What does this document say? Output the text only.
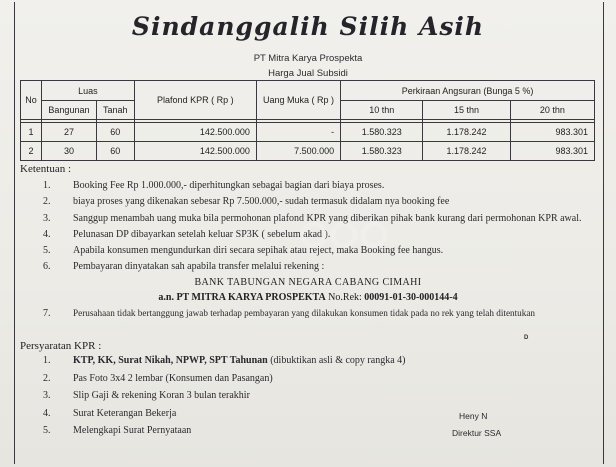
Sindanggalih Silih Asih
PT Mitra Karya Prospekta
Harga Jual Subsidi
No	Luas		Plafond KPR ( Rp )	Uang Muka ( Rp )	Perkiraan Angsuran (Bunga 5 %)		
	Bangunan	Tanah			10 thn	15 thn	20 thn

1	27	60	142.500.000	-	1.580.323	1.178.242	983.301
2	30	60	142.500.000	7.500.000	1.580.323	1.178.242	983.301
Ketentuan :
1.	Booking Fee Rp 1.000.000,- diperhitungkan sebagai bagian dari biaya proses.
2.	biaya proses yang dikenakan sebesar Rp 7.500.000,- sudah termasuk didalam nya booking fee
3.	Sanggup menambah uang muka bila permohonan plafond KPR yang diberikan pihak bank kurang dari permohonan KPR awal.
4.	Pelunasan DP dibayarkan setelah keluar SP3K ( sebelum akad ).
5.	Apabila konsumen mengundurkan diri secara sepihak atau reject, maka Booking fee hangus.
6.	Pembayaran dinyatakan sah apabila transfer melalui rekening :
BANK TABUNGAN NEGARA CABANG CIMAHI
a.n. PT MITRA KARYA PROSPEKTA No.Rek: 00091-01-30-000144-4
7.	Perusahaan tidak bertanggung jawab terhadap pembayaran yang dilakukan konsumen tidak pada no rek yang telah ditentukan
D
Persyaratan KPR :
1.	KTP, KK, Surat Nikah, NPWP, SPT Tahunan (dibuktikan asli & copy rangka 4)
2.	Pas Foto 3x4 2 lembar (Konsumen dan Pasangan)
3.	Slip Gaji & rekening Koran 3 bulan terakhir
4.	Surat Keterangan Bekerja
5.	Melengkapi Surat Pernyataan
Heny N
Direktur SSA
